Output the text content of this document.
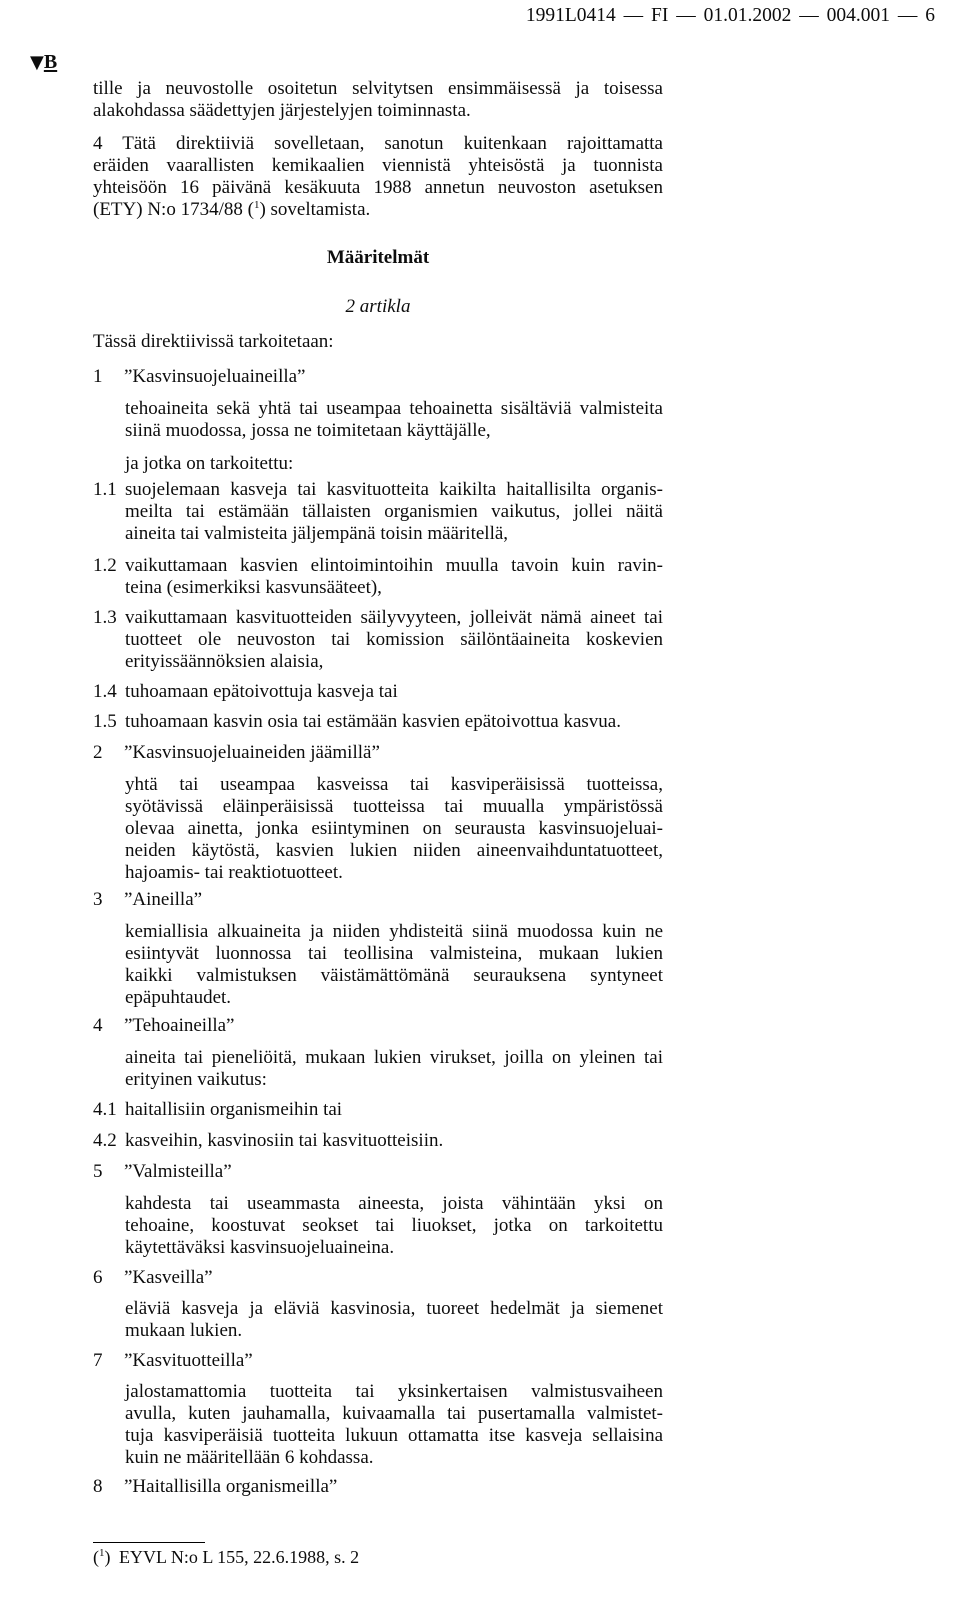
1991L0414 — FI — 01.01.2002 — 004.001 — 6
▼B
tille ja neuvostolle osoitetun selvitytsen ensimmäisessä ja toisessa
alakohdassa säädettyjen järjestelyjen toiminnasta.
4 Tätä direktiiviä sovelletaan, sanotun kuitenkaan rajoittamatta
eräiden vaarallisten kemikaalien viennistä yhteisöstä ja tuonnista
yhteisöön 16 päivänä kesäkuuta 1988 annetun neuvoston asetuksen
(ETY) N:o 1734/88 ($^1$) soveltamista.
Määritelmät
2 artikla
Tässä direktiivissä tarkoitetaan:
1 ”Kasvinsuojeluaineilla”
tehoaineita sekä yhtä tai useampaa tehoainetta sisältäviä valmisteita
siinä muodossa, jossa ne toimitetaan käyttäjälle,
ja jotka on tarkoitettu:
1.1 suojelemaan kasveja tai kasvituotteita kaikilta haitallisilta organis-
meilta tai estämään tällaisten organismien vaikutus, jollei näitä
aineita tai valmisteita jäljempänä toisin määritellä,
1.2 vaikuttamaan kasvien elintoimintoihin muulla tavoin kuin ravin-
teina (esimerkiksi kasvunsääteet),
1.3 vaikuttamaan kasvituotteiden säilyvyyteen, jolleivät nämä aineet tai
tuotteet ole neuvoston tai komission säilöntäaineita koskevien
erityissäännöksien alaisia,
1.4 tuhoamaan epätoivottuja kasveja tai
1.5 tuhoamaan kasvin osia tai estämään kasvien epätoivottua kasvua.
2 ”Kasvinsuojeluaineiden jäämillä”
yhtä tai useampaa kasveissa tai kasviperäisissä tuotteissa,
syötävissä eläinperäisissä tuotteissa tai muualla ympäristössä
olevaa ainetta, jonka esiintyminen on seurausta kasvinsuojeluai-
neiden käytöstä, kasvien lukien niiden aineenvaihduntatuotteet,
hajoamis- tai reaktiotuotteet.
3 ”Aineilla”
kemiallisia alkuaineita ja niiden yhdisteitä siinä muodossa kuin ne
esiintyvät luonnossa tai teollisina valmisteina, mukaan lukien
kaikki valmistuksen väistämättömänä seurauksena syntyneet
epäpuhtaudet.
4 ”Tehoaineilla”
aineita tai pieneliöitä, mukaan lukien virukset, joilla on yleinen tai
erityinen vaikutus:
4.1 haitallisiin organismeihin tai
4.2 kasveihin, kasvinosiin tai kasvituotteisiin.
5 ”Valmisteilla”
kahdesta tai useammasta aineesta, joista vähintään yksi on
tehoaine, koostuvat seokset tai liuokset, jotka on tarkoitettu
käytettäväksi kasvinsuojeluaineina.
6 ”Kasveilla”
eläviä kasveja ja eläviä kasvinosia, tuoreet hedelmät ja siemenet
mukaan lukien.
7 ”Kasvituotteilla”
jalostamattomia tuotteita tai yksinkertaisen valmistusvaiheen
avulla, kuten jauhamalla, kuivaamalla tai pusertamalla valmistet-
tuja kasviperäisiä tuotteita lukuun ottamatta itse kasveja sellaisina
kuin ne määritellään 6 kohdassa.
8 ”Haitallisilla organismeilla”
($^1$) EYVL N:o L 155, 22.6.1988, s. 2
